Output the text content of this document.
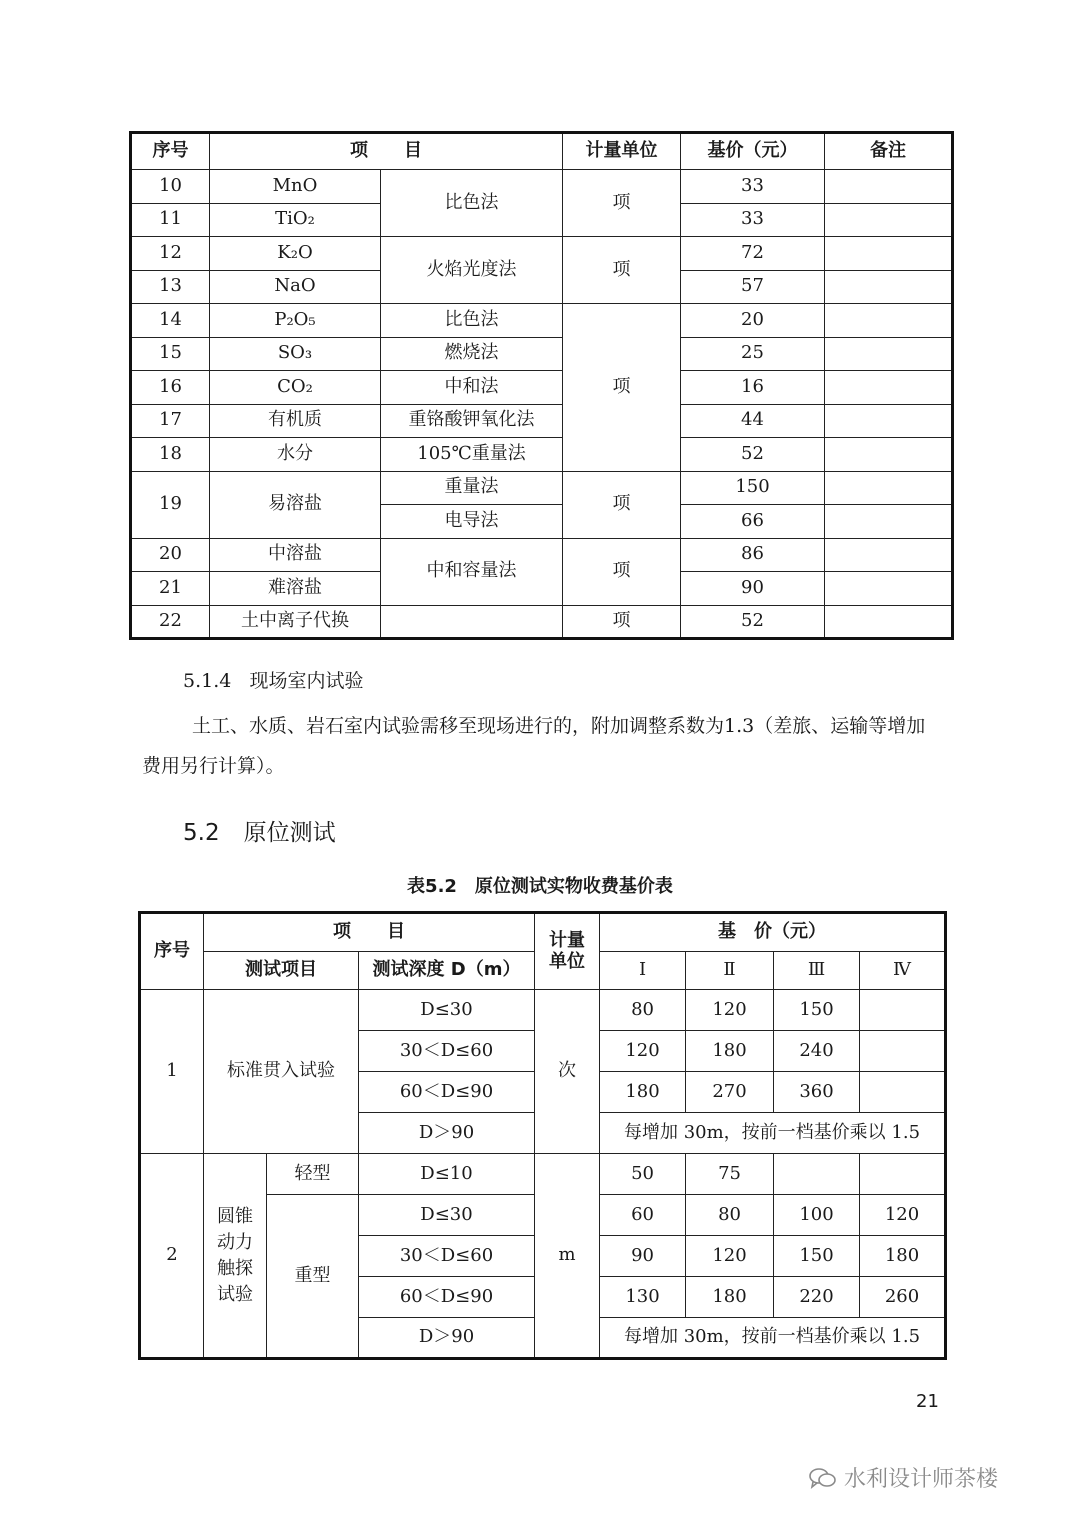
序号	项　　目		计量单位	基价（元）	备注
10	MnO	比色法	项	33	
11	TiO₂			33	
12	K₂O	火焰光度法	项	72	
13	NaO			57	
14	P₂O₅	比色法	项	20	
15	SO₃	燃烧法		25	
16	CO₂	中和法		16	
17	有机质	重铬酸钾氧化法		44	
18	水分	105℃重量法		52	
19	易溶盐	重量法	项	150	
		电导法		66	
20	中溶盐	中和容量法	项	86	
21	难溶盐			90	
22	土中离子代换		项	52	
5.1.4 现场室内试验
土工、水质、岩石室内试验需移至现场进行的，附加调整系数为1.3（差旅、运输等增加费用另行计算）。
5.2 原位测试
表5.2　原位测试实物收费基价表
序号	项　　目			计量
单位	基　价（元）			
	测试项目		测试深度 D（m）		Ⅰ	Ⅱ	Ⅲ	Ⅳ
1	标准贯入试验		D≤30	次	80	120	150	
			30＜D≤60		120	180	240	
			60＜D≤90		180	270	360	
			D＞90		每增加 30m，按前一档基价乘以 1.5			
2	圆锥
动力
触探
试验	轻型	D≤10	m	50	75		
		重型	D≤30		60	80	100	120
			30＜D≤60		90	120	150	180
			60＜D≤90		130	180	220	260
			D＞90		每增加 30m，按前一档基价乘以 1.5			
21
水利设计师茶楼
